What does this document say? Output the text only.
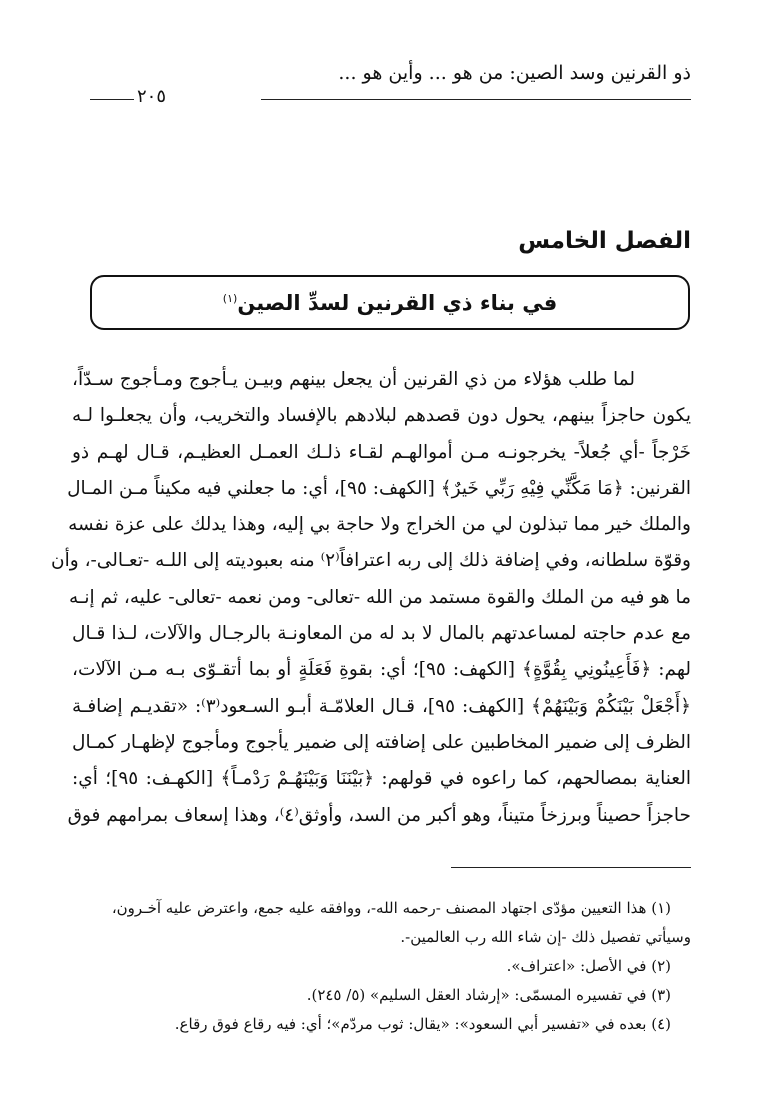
ذو القرنين وسد الصين: من هو ... وأين هو ...
٢٠٥
الفصل الخامس
في بناء ذي القرنين لسدِّ الصين$^{(١)}$
لما طلب هؤلاء من ذي القرنين أن يجعل بينهم وبيـن يـأجوج ومـأجوج سـدّاً،
يكون حاجزاً بينهم، يحول دون قصدهم لبلادهم بالإفساد والتخريب، وأن يجعلـوا لـه
خَرْجاً -أي جُعلاً- يخرجونـه مـن أموالهـم لقـاء ذلـك العمـل العظيـم، قـال لهـم ذو
القرنين: ﴿مَا مَكَّنِّي فِيْهِ رَبِّي خَيرٌ﴾ [الكهف: ٩٥]، أي: ما جعلني فيه مكيناً مـن المـال
والملك خير مما تبذلون لي من الخراج ولا حاجة بي إليه، وهذا يدلك على عزة نفسه
وقوّة سلطانه، وفي إضافة ذلك إلى ربه اعترافاً⁽٢⁾ منه بعبوديته إلى اللـه -تعـالى-، وأن
ما هو فيه من الملك والقوة مستمد من الله -تعالى- ومن نعمه -تعالى- عليه، ثم إنـه
مع عدم حاجته لمساعدتهم بالمال لا بد له من المعاونـة بالرجـال والآلات، لـذا قـال
لهم: ﴿فَأَعِينُونِي بِقُوَّةٍ﴾ [الكهف: ٩٥]؛ أي: بقوةِ فَعَلَةٍ أو بما أتقـوّى بـه مـن الآلات،
﴿أَجْعَلْ بَيْنَكُمْ وَبَيْنَهُمْ﴾ [الكهف: ٩٥]، قـال العلامّـة أبـو السـعود⁽٣⁾: «تقديـم إضافـة
الظرف إلى ضمير المخاطبين على إضافته إلى ضمير يأجوج ومأجوج لإظهـار كمـال
العناية بمصالحهم، كما راعوه في قولهم: ﴿بَيْنَنَا وَبَيْنَهُـمْ رَدْمـاً﴾ [الكهـف: ٩٥]؛ أي:
حاجزاً حصيناً وبرزخاً متيناً، وهو أكبر من السد، وأوثق⁽٤⁾، وهذا إسعاف بمرامهم فوق
(١) هذا التعيين مؤدّى اجتهاد المصنف -رحمه الله-، ووافقه عليه جمع، واعترض عليه آخـرون،
وسيأتي تفصيل ذلك -إن شاء الله رب العالمين-.
(٢) في الأصل: «اعتراف».
(٣) في تفسيره المسمّى: «إرشاد العقل السليم» (٥/ ٢٤٥).
(٤) بعده في «تفسير أبي السعود»: «يقال: ثوب مردّم»؛ أي: فيه رقاع فوق رقاع.
